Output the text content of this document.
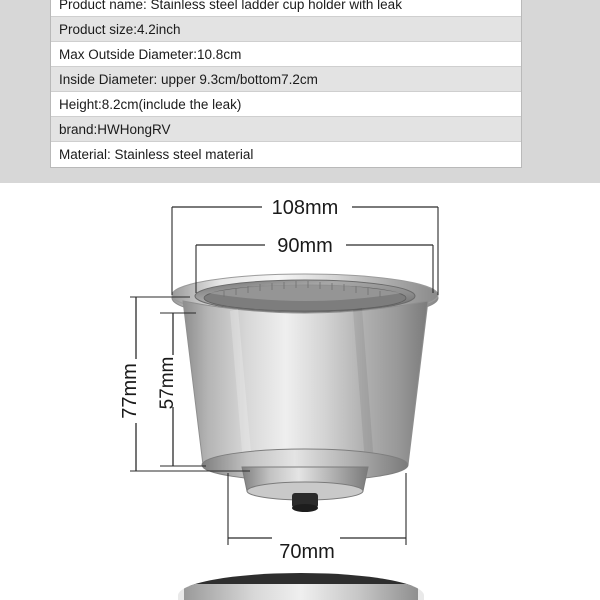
Product name: Stainless steel ladder cup holder with leak
Product size:4.2inch
Max Outside Diameter:10.8cm
Inside Diameter: upper 9.3cm/bottom7.2cm
Height:8.2cm(include the leak)
brand:HWHongRV
Material: Stainless steel material
108mm
90mm
77mm 57mm
70mm
